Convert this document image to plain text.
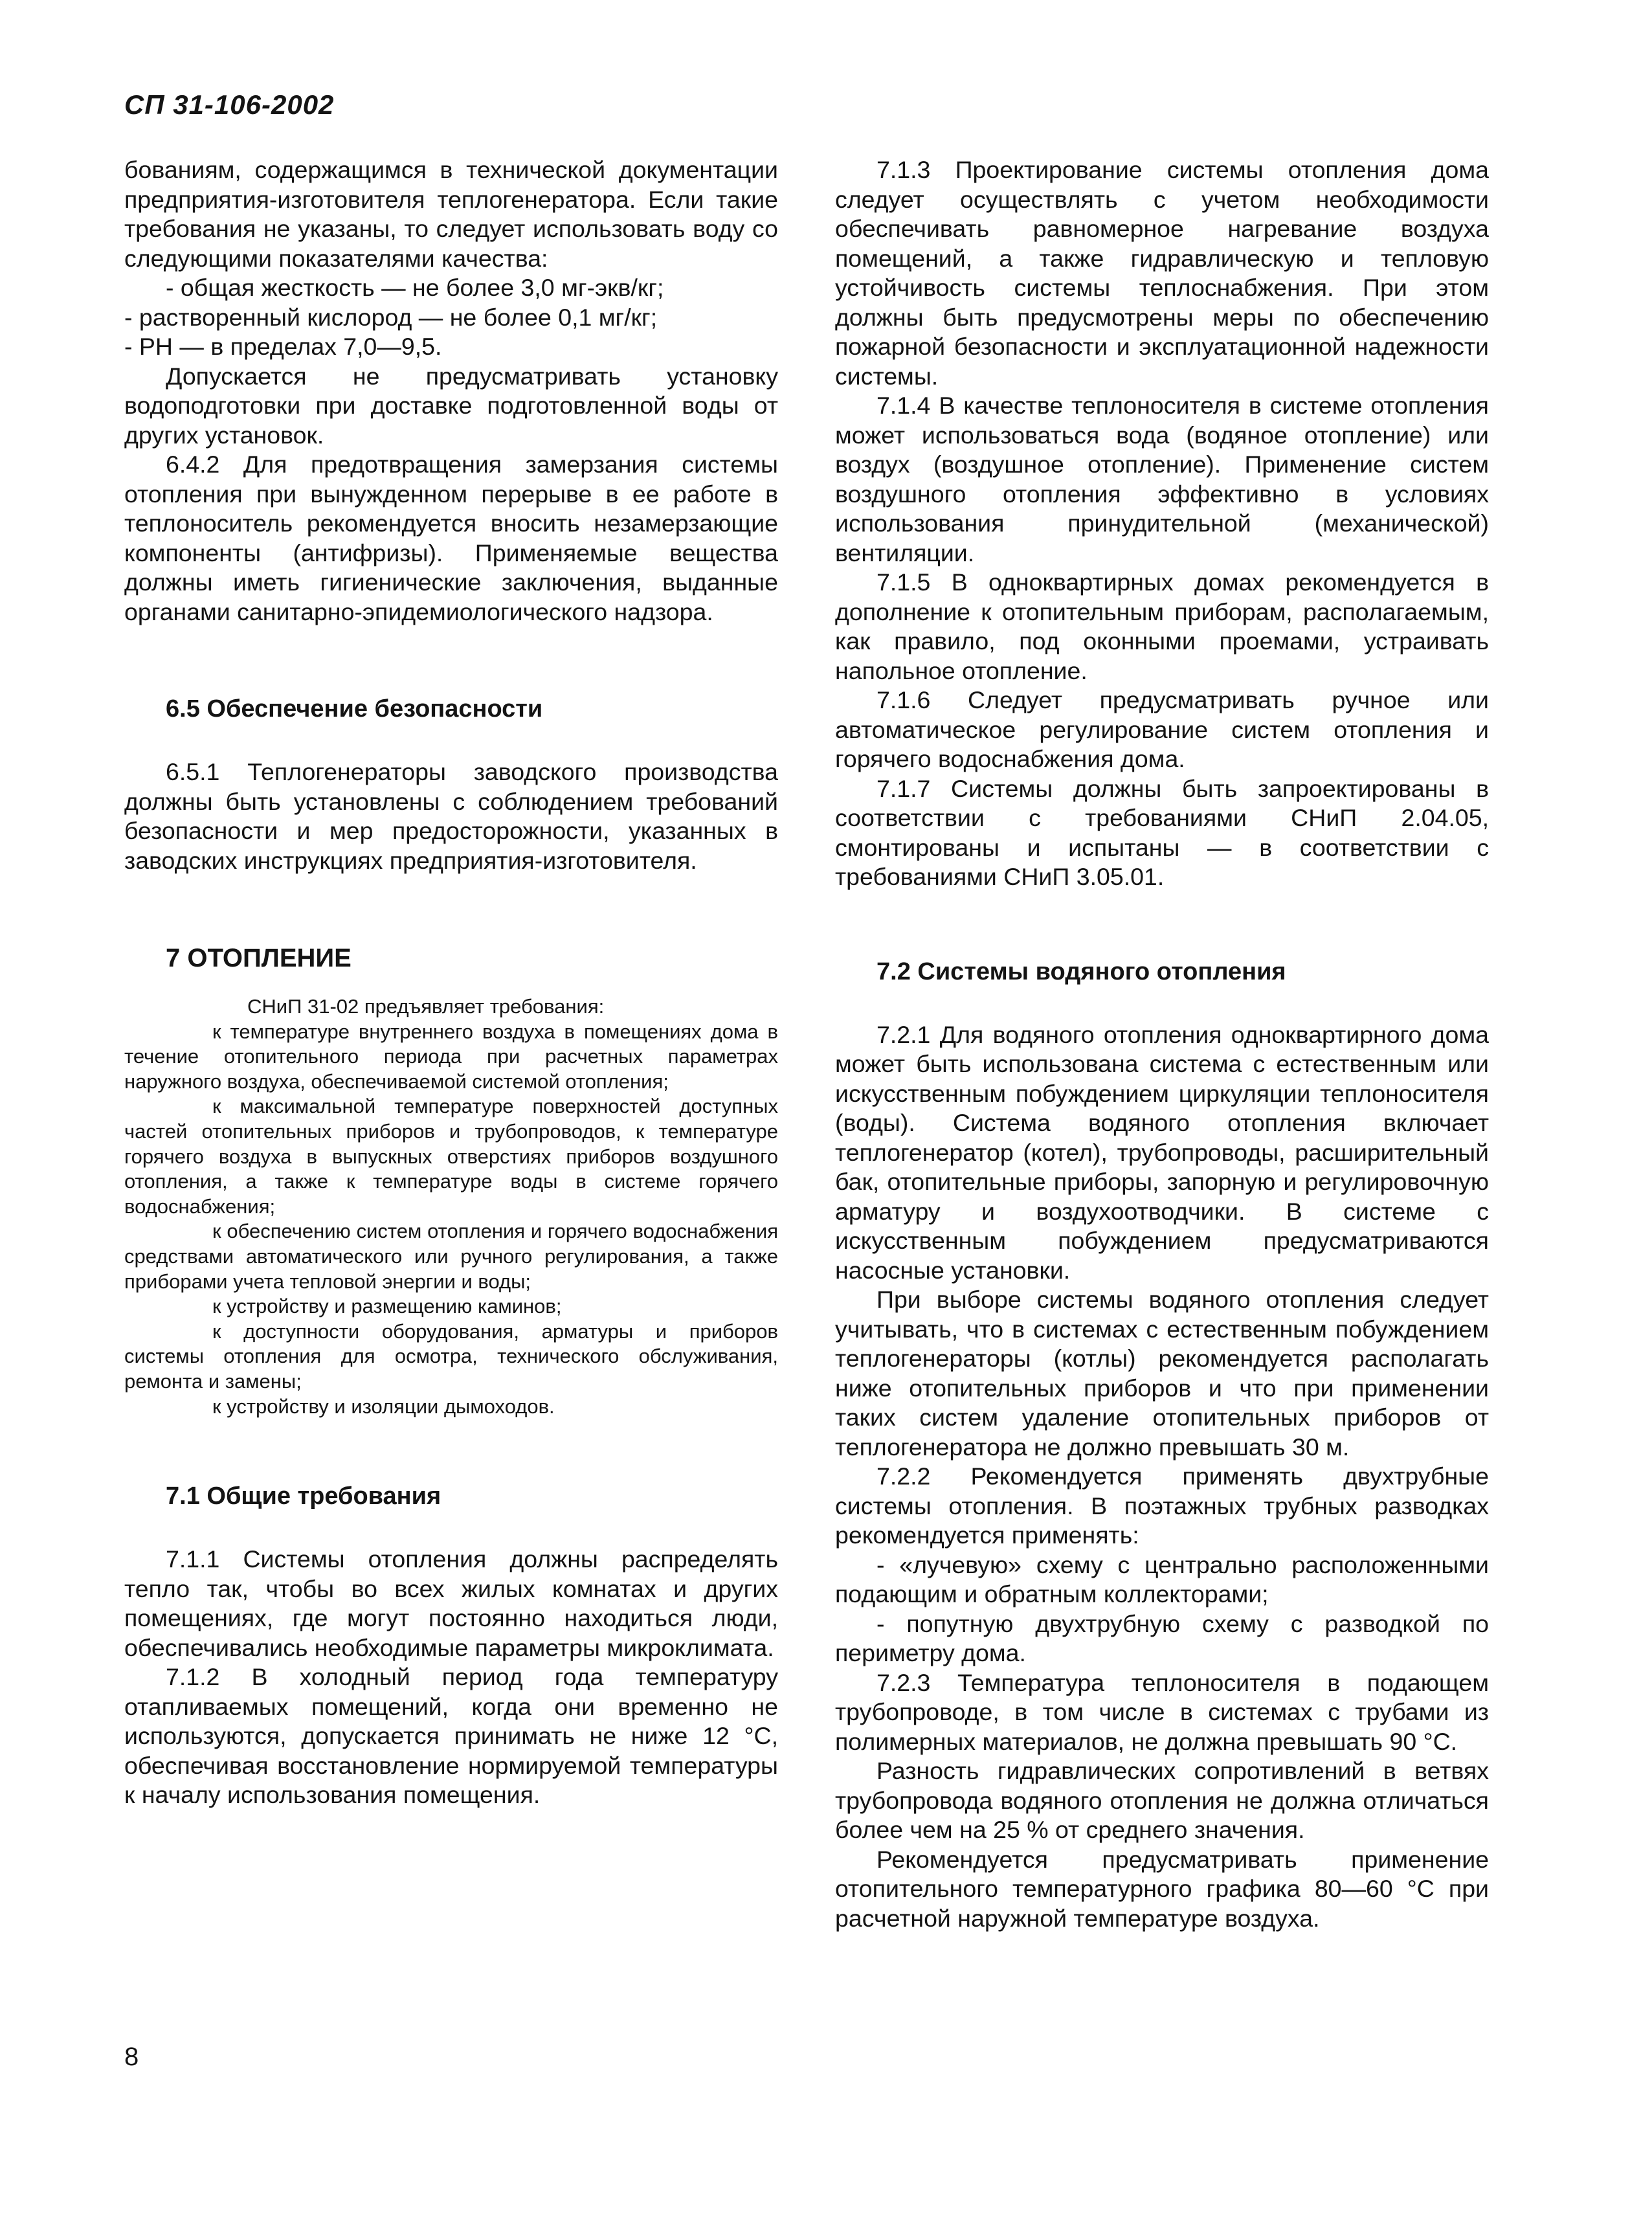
СП 31-106-2002

бованиям, содержащимся в технической документации предприятия-изготовителя теплогенератора. Если такие требования не указаны, то следует использовать воду со следующими показателями качества:

- общая жесткость — не более 3,0 мг-экв/кг;

- растворенный кислород — не более 0,1 мг/кг;

- PH — в пределах 7,0—9,5.

Допускается не предусматривать установку водоподготовки при доставке подготовленной воды от других установок.

6.4.2 Для предотвращения замерзания системы отопления при вынужденном перерыве в ее работе в теплоноситель рекомендуется вносить незамерзающие компоненты (антифризы). Применяемые вещества должны иметь гигиенические заключения, выданные органами санитарно-эпидемиологического надзора.

6.5 Обеспечение безопасности

6.5.1 Теплогенераторы заводского производства должны быть установлены с соблюдением требований безопасности и мер предосторожности, указанных в заводских инструкциях предприятия-изготовителя.

7 ОТОПЛЕНИЕ

СНиП 31-02 предъявляет требования:

к температуре внутреннего воздуха в помещениях дома в течение отопительного периода при расчетных параметрах наружного воздуха, обеспечиваемой системой отопления;

к максимальной температуре поверхностей доступных частей отопительных приборов и трубопроводов, к температуре горячего воздуха в выпускных отверстиях приборов воздушного отопления, а также к температуре воды в системе горячего водоснабжения;

к обеспечению систем отопления и горячего водоснабжения средствами автоматического или ручного регулирования, а также приборами учета тепловой энергии и воды;

к устройству и размещению каминов;

к доступности оборудования, арматуры и приборов системы отопления для осмотра, технического обслуживания, ремонта и замены;

к устройству и изоляции дымоходов.

7.1 Общие требования

7.1.1 Системы отопления должны распределять тепло так, чтобы во всех жилых комнатах и других помещениях, где могут постоянно находиться люди, обеспечивались необходимые параметры микроклимата.

7.1.2 В холодный период года температуру отапливаемых помещений, когда они временно не используются, допускается принимать не ниже 12 °С, обеспечивая восстановление нормируемой температуры к началу использования помещения.

7.1.3 Проектирование системы отопления дома следует осуществлять с учетом необходимости обеспечивать равномерное нагревание воздуха помещений, а также гидравлическую и тепловую устойчивость системы теплоснабжения. При этом должны быть предусмотрены меры по обеспечению пожарной безопасности и эксплуатационной надежности системы.

7.1.4 В качестве теплоносителя в системе отопления может использоваться вода (водяное отопление) или воздух (воздушное отопление). Применение систем воздушного отопления эффективно в условиях использования принудительной (механической) вентиляции.

7.1.5 В одноквартирных домах рекомендуется в дополнение к отопительным приборам, располагаемым, как правило, под оконными проемами, устраивать напольное отопление.

7.1.6 Следует предусматривать ручное или автоматическое регулирование систем отопления и горячего водоснабжения дома.

7.1.7 Системы должны быть запроектированы в соответствии с требованиями СНиП 2.04.05, смонтированы и испытаны — в соответствии с требованиями СНиП 3.05.01.

7.2 Системы водяного отопления

7.2.1 Для водяного отопления одноквартирного дома может быть использована система с естественным или искусственным побуждением циркуляции теплоносителя (воды). Система водяного отопления включает теплогенератор (котел), трубопроводы, расширительный бак, отопительные приборы, запорную и регулировочную арматуру и воздухоотводчики. В системе с искусственным побуждением предусматриваются насосные установки.

При выборе системы водяного отопления следует учитывать, что в системах с естественным побуждением теплогенераторы (котлы) рекомендуется располагать ниже отопительных приборов и что при применении таких систем удаление отопительных приборов от теплогенератора не должно превышать 30 м.

7.2.2 Рекомендуется применять двухтрубные системы отопления. В поэтажных трубных разводках рекомендуется применять:

- «лучевую» схему с центрально расположенными подающим и обратным коллекторами;

- попутную двухтрубную схему с разводкой по периметру дома.

7.2.3 Температура теплоносителя в подающем трубопроводе, в том числе в системах с трубами из полимерных материалов, не должна превышать 90 °С.

Разность гидравлических сопротивлений в ветвях трубопровода водяного отопления не должна отличаться более чем на 25 % от среднего значения.

Рекомендуется предусматривать применение отопительного температурного графика 80—60 °С при расчетной наружной температуре воздуха.

8
